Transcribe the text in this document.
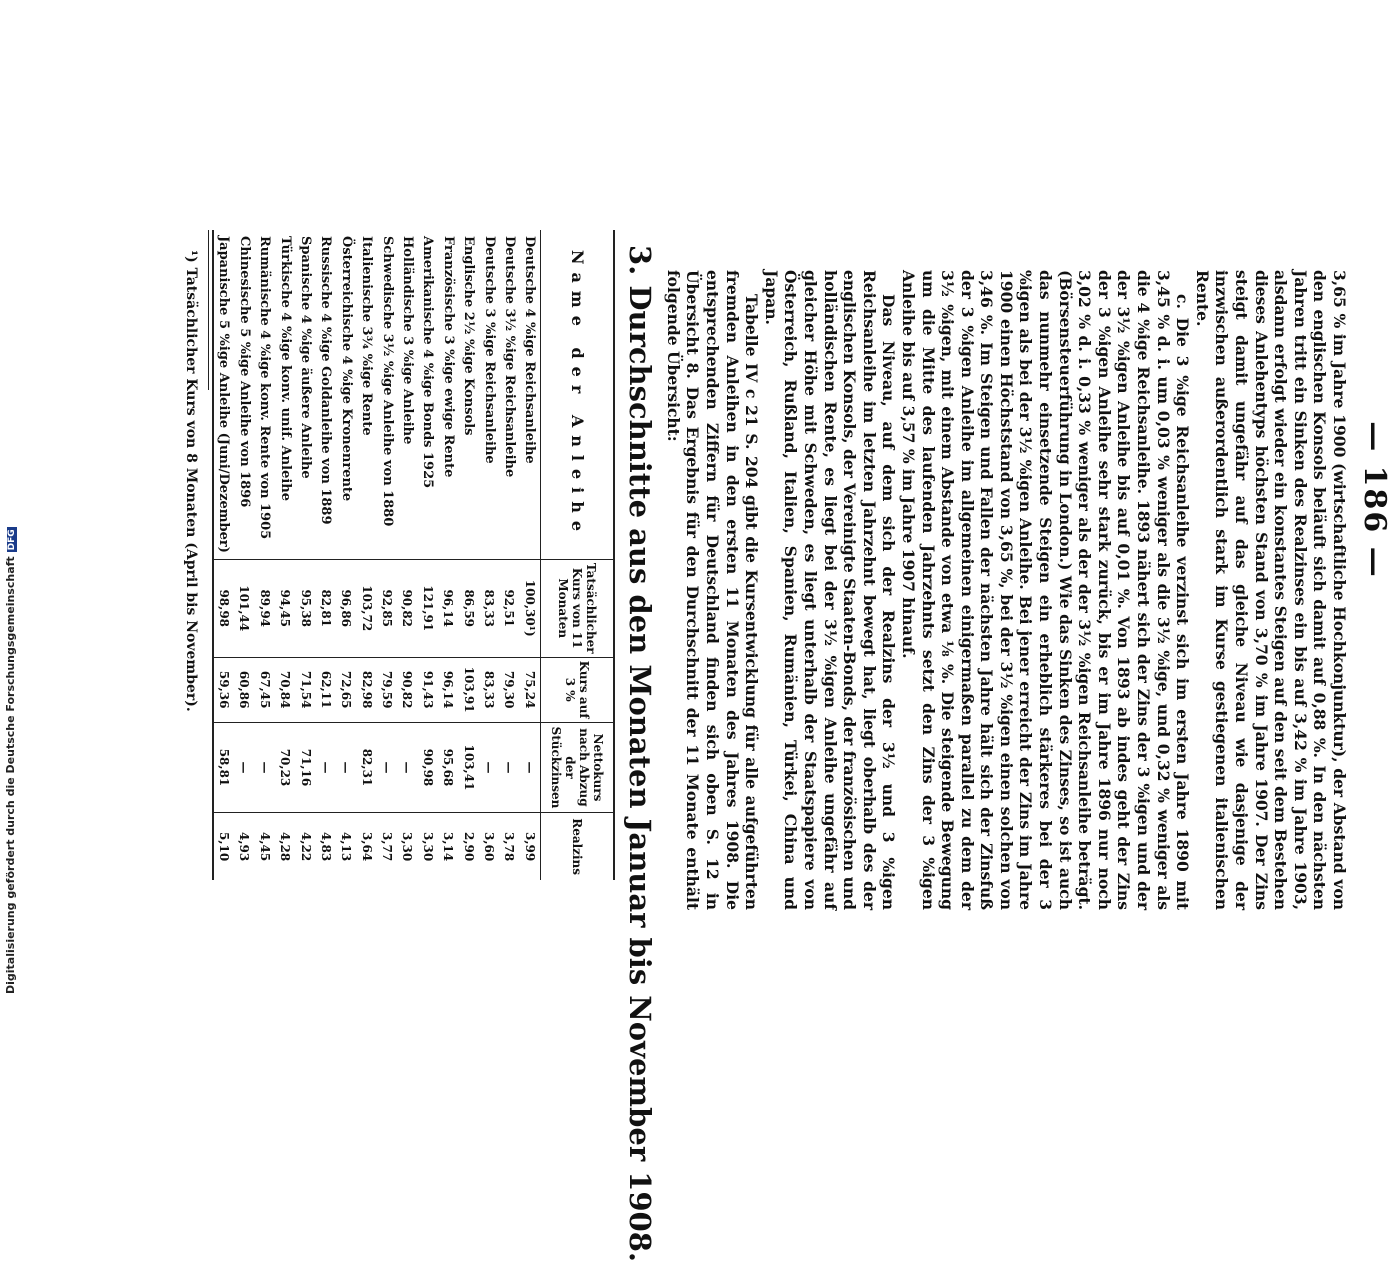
— 186 —

3,65 % im Jahre 1900 (wirtschaftliche Hochkonjunktur), der Abstand von den englischen Konsols beläuft sich damit auf 0,88 %. In den nächsten Jahren tritt ein Sinken des Realzinses ein bis auf 3,42 % im Jahre 1903, alsdann erfolgt wieder ein konstantes Steigen auf den seit dem Bestehen dieses Anlehentyps höchsten Stand von 3,70 % im Jahre 1907. Der Zins steigt damit ungefähr auf das gleiche Niveau wie dasjenige der inzwischen außerordentlich stark im Kurse gestiegenen italienischen Rente.

c. Die 3 %ige Reichsanleihe verzinst sich im ersten Jahre 1890 mit 3,45 % d. i. um 0,03 % weniger als die 3½ %ige, und 0,32 % weniger als die 4 %ige Reichsanleihe. 1893 nähert sich der Zins der 3 %igen und der der 3½ %igen Anleihe bis auf 0,01 %. Von 1893 ab indes geht der Zins der 3 %igen Anleihe sehr stark zurück, bis er im Jahre 1896 nur noch 3,02 % d. i. 0,33 % weniger als der der 3½ %igen Reichsanleihe beträgt. (Börsensteuerführung in London.) Wie das Sinken des Zinses, so ist auch das nunmehr einsetzende Steigen ein erheblich stärkeres bei der 3 %igen als bei der 3½ %igen Anleihe. Bei jener erreicht der Zins im Jahre 1900 einen Höchststand von 3,65 %, bei der 3½ %igen einen solchen von 3,46 %. Im Steigen und Fallen der nächsten Jahre hält sich der Zinsfuß der 3 %igen Anleihe im allgemeinen einigermaßen parallel zu dem der 3½ %igen, mit einem Abstande von etwa ⅛ %. Die steigende Bewegung um die Mitte des laufenden Jahrzehnts setzt den Zins der 3 %igen Anleihe bis auf 3,57 % im Jahre 1907 hinauf.

Das Niveau, auf dem sich der Realzins der 3½ und 3 %igen Reichsanleihe im letzten Jahrzehnt bewegt hat, liegt oberhalb des der englischen Konsols, der Vereinigte Staaten-Bonds, der französischen und holländischen Rente, es liegt bei der 3½ %igen Anleihe ungefähr auf gleicher Höhe mit Schweden, es liegt unterhalb der Staatspapiere von Österreich, Rußland, Italien, Spanien, Rumänien, Türkei, China und Japan.

Tabelle IV c 21 S. 204 gibt die Kursentwicklung für alle aufgeführten fremden Anleihen in den ersten 11 Monaten des Jahres 1908. Die entsprechenden Ziffern für Deutschland finden sich oben S. 12 in Übersicht 8. Das Ergebnis für den Durchschnitt der 11 Monate enthält folgende Übersicht:

3. Durchschnitte aus den Monaten Januar bis November 1908.
Name der Anleihe	Tatsächlicher Kurs von 11 Monaten	Kurs auf 3 %	Nettokurs nach Abzug der Stückzinsen	Realzins
Deutsche 4 %ige Reichsanleihe	100,30¹)	75,24	—	3,99
Deutsche 3½ %ige Reichsanleihe	92,51	79,30	—	3,78
Deutsche 3 %ige Reichsanleihe	83,33	83,33	—	3,60
Englische 2½ %ige Konsols	86,59	103,91	103,41	2,90
Französische 3 %ige ewige Rente	96,14	96,14	95,68	3,14
Amerikanische 4 %ige Bonds 1925	121,91	91,43	90,98	3,30
Holländische 3 %ige Anleihe	90,82	90,82	—	3,30
Schwedische 3½ %ige Anleihe von 1880	92,85	79,59	—	3,77
Italienische 3¾ %ige Rente	103,72	82,98	82,31	3,64
Österreichische 4 %ige Kronenrente	96,86	72,65	—	4,13
Russische 4 %ige Goldanleihe von 1889	82,81	62,11	—	4,83
Spanische 4 %ige äußere Anleihe	95,38	71,54	71,16	4,22
Türkische 4 %ige konv. unif. Anleihe	94,45	70,84	70,23	4,28
Rumänische 4 %ige konv. Rente von 1905	89,94	67,45	—	4,45
Chinesische 5 %ige Anleihe von 1896	101,44	60,86	—	4,93
Japanische 5 %ige Anleihe (Juni/Dezember)	98,98	59,36	58,81	5,10
¹) Tatsächlicher Kurs von 8 Monaten (April bis November).
Digitalisierung gefördert durch die Deutsche ForschungsgemeinschaftDFG
